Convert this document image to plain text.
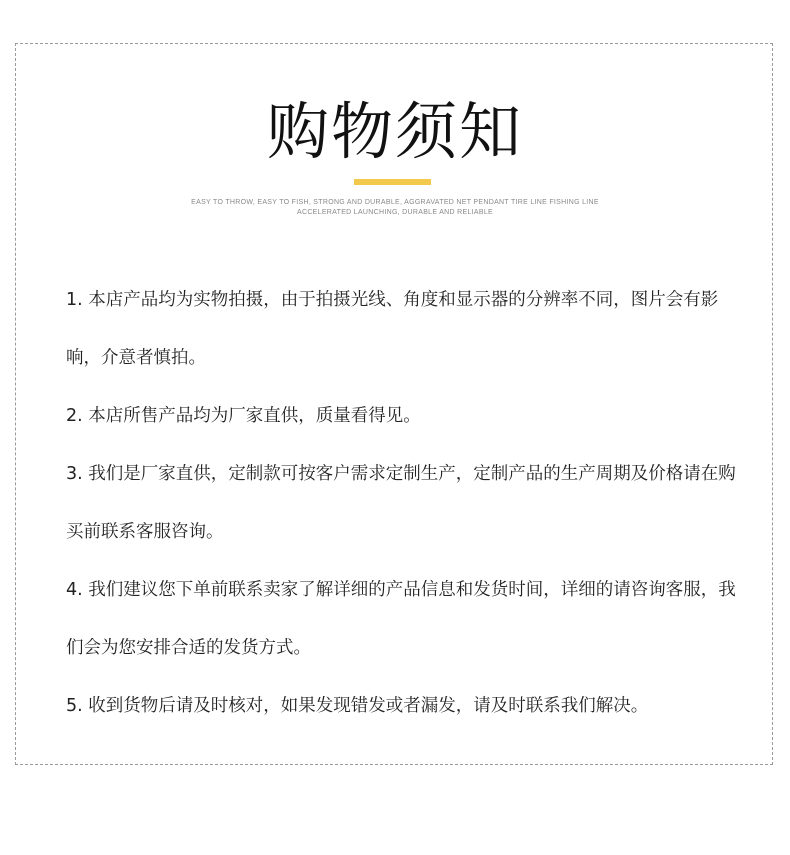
购物须知
EASY TO THROW, EASY TO FISH, STRONG AND DURABLE, AGGRAVATED NET PENDANT TIRE LINE FISHING LINE
ACCELERATED LAUNCHING, DURABLE AND RELIABLE
1. 本店产品均为实物拍摄，由于拍摄光线、角度和显示器的分辨率不同，图片会有影响，介意者慎拍。
2. 本店所售产品均为厂家直供，质量看得见。
3. 我们是厂家直供，定制款可按客户需求定制生产，定制产品的生产周期及价格请在购买前联系客服咨询。
4. 我们建议您下单前联系卖家了解详细的产品信息和发货时间，详细的请咨询客服，我们会为您安排合适的发货方式。
5. 收到货物后请及时核对，如果发现错发或者漏发，请及时联系我们解决。
